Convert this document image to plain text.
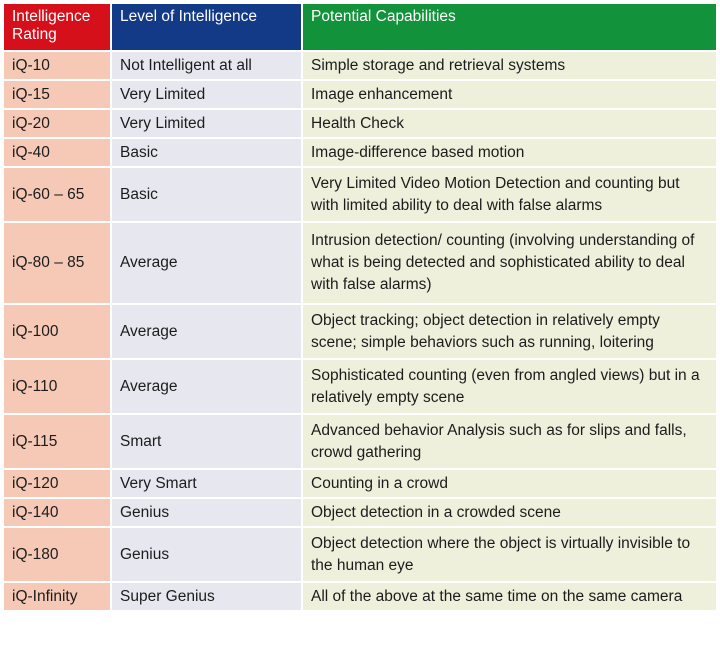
Intelligence Rating	Level of Intelligence	Potential Capabilities
iQ-10	Not Intelligent at all	Simple storage and retrieval systems
iQ-15	Very Limited	Image enhancement
iQ-20	Very Limited	Health Check
iQ-40	Basic	Image-difference based motion
iQ-60 – 65	Basic	Very Limited Video Motion Detection and counting but with limited ability to deal with false alarms
iQ-80 – 85	Average	Intrusion detection/ counting (involving understanding of what is being detected and sophisticated ability to deal with false alarms)
iQ-100	Average	Object tracking; object detection in relatively empty scene; simple behaviors such as running, loitering
iQ-110	Average	Sophisticated counting (even from angled views) but in a relatively empty scene
iQ-115	Smart	Advanced behavior Analysis such as for slips and falls, crowd gathering
iQ-120	Very Smart	Counting in a crowd
iQ-140	Genius	Object detection in a crowded scene
iQ-180	Genius	Object detection where the object is virtually invisible to the human eye
iQ-Infinity	Super Genius	All of the above at the same time on the same camera
